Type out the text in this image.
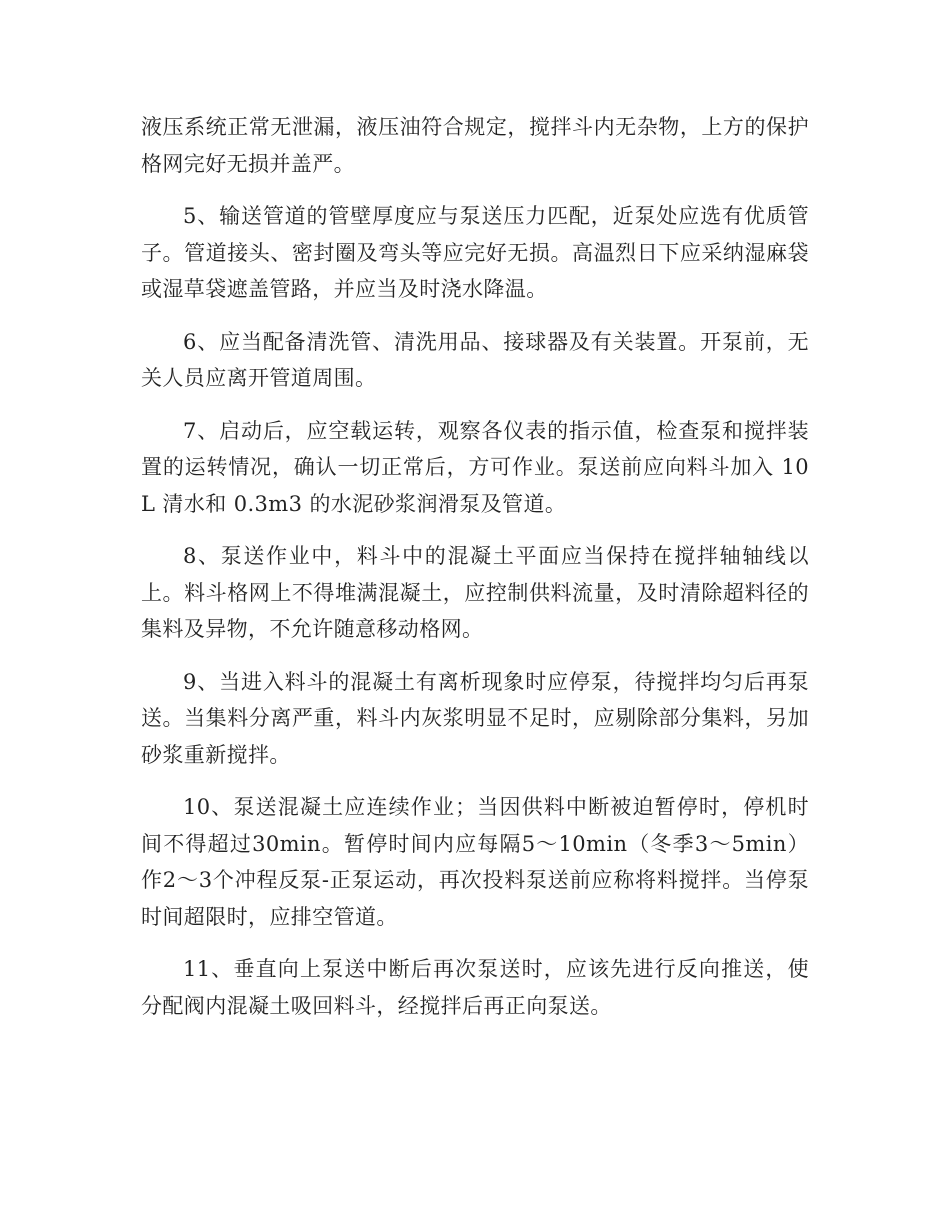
液压系统正常无泄漏，液压油符合规定，搅拌斗内无杂物，上方的保护格网完好无损并盖严。

5、输送管道的管壁厚度应与泵送压力匹配，近泵处应选有优质管子。管道接头、密封圈及弯头等应完好无损。高温烈日下应采纳湿麻袋或湿草袋遮盖管路，并应当及时浇水降温。

6、应当配备清洗管、清洗用品、接球器及有关装置。开泵前，无关人员应离开管道周围。

7、启动后，应空载运转，观察各仪表的指示值，检查泵和搅拌装置的运转情况，确认一切正常后，方可作业。泵送前应向料斗加入 10L 清水和 0.3m3 的水泥砂浆润滑泵及管道。

8、泵送作业中，料斗中的混凝土平面应当保持在搅拌轴轴线以上。料斗格网上不得堆满混凝土，应控制供料流量，及时清除超料径的集料及异物，不允许随意移动格网。

9、当进入料斗的混凝土有离析现象时应停泵，待搅拌均匀后再泵送。当集料分离严重，料斗内灰浆明显不足时，应剔除部分集料，另加砂浆重新搅拌。

10、泵送混凝土应连续作业；当因供料中断被迫暂停时，停机时间不得超过30min。暂停时间内应每隔5～10min（冬季3～5min）作2～3个冲程反泵-正泵运动，再次投料泵送前应称将料搅拌。当停泵时间超限时，应排空管道。

11、垂直向上泵送中断后再次泵送时，应该先进行反向推送，使分配阀内混凝土吸回料斗，经搅拌后再正向泵送。
